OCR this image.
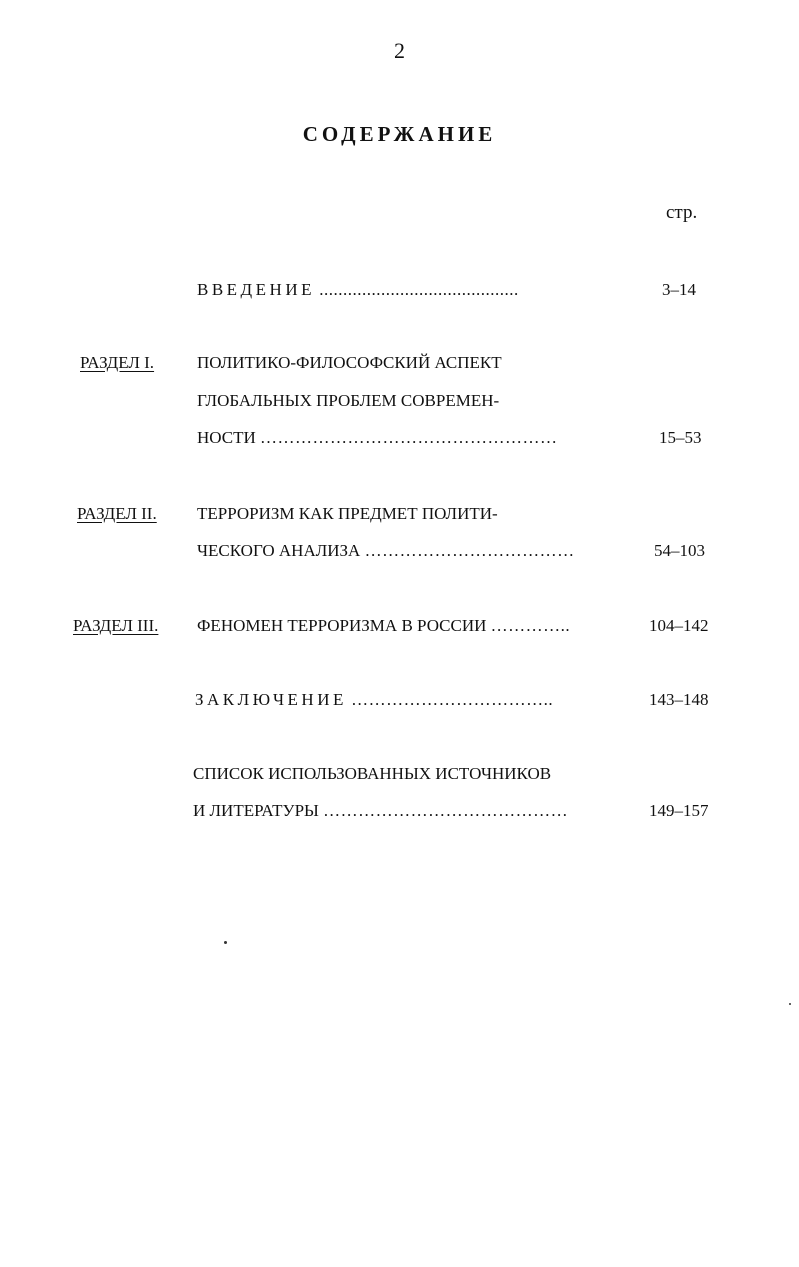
2
СОДЕРЖАНИЕ
стр.
ВВЕДЕНИЕ ..........................................	3–14
РАЗДЕЛ I.	ПОЛИТИКО-ФИЛОСОФСКИЙ АСПЕКТ
ГЛОБАЛЬНЫХ ПРОБЛЕМ СОВРЕМЕН-
НОСТИ ……………………………………………	15–53
РАЗДЕЛ II. ТЕРРОРИЗМ КАК ПРЕДМЕТ ПОЛИТИ-
ЧЕСКОГО АНАЛИЗА ………………………………	54–103
РАЗДЕЛ III. ФЕНОМЕН ТЕРРОРИЗМА В РОССИИ …………..	104–142
ЗАКЛЮЧЕНИЕ ……………………………..	143–148
СПИСОК ИСПОЛЬЗОВАННЫХ ИСТОЧНИКОВ
И ЛИТЕРАТУРЫ ……………………………………	149–157
